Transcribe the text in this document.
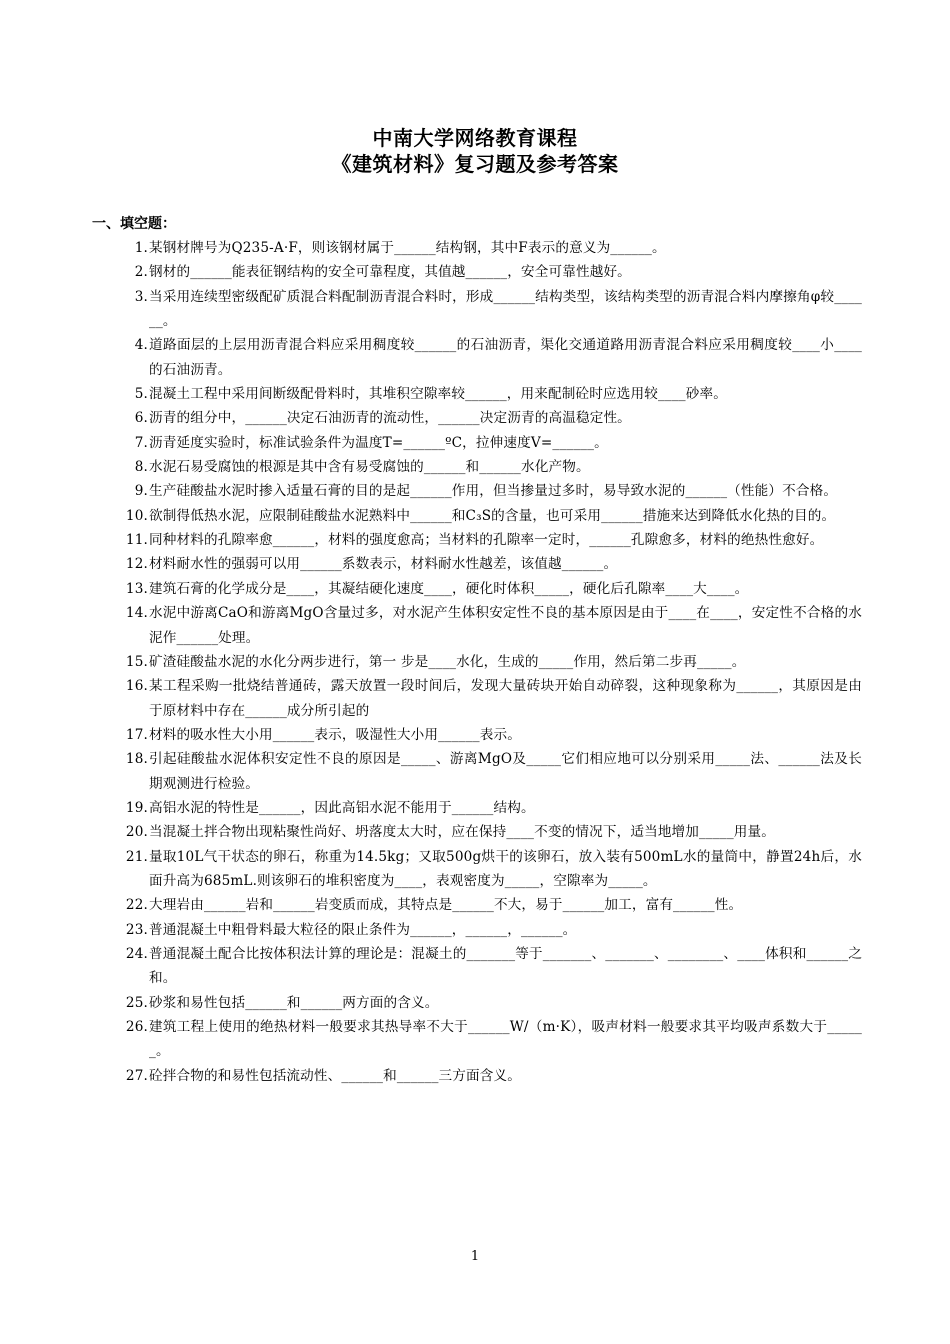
中南大学网络教育课程
《建筑材料》复习题及参考答案
一、填空题：
1. 某钢材牌号为Q235-A·F，则该钢材属于______结构钢，其中F表示的意义为______。
2. 钢材的______能表征钢结构的安全可靠程度，其值越______，安全可靠性越好。
3. 当采用连续型密级配矿质混合料配制沥青混合料时，形成______结构类型，该结构类型的沥青混合料内摩擦角φ较______。
4. 道路面层的上层用沥青混合料应采用稠度较______的石油沥青，渠化交通道路用沥青混合料应采用稠度较____小____的石油沥青。
5. 混凝土工程中采用间断级配骨料时，其堆积空隙率较______，用来配制砼时应选用较____砂率。
6. 沥青的组分中，______决定石油沥青的流动性，______决定沥青的高温稳定性。
7. 沥青延度实验时，标准试验条件为温度T=______ºC，拉伸速度V=______。
8. 水泥石易受腐蚀的根源是其中含有易受腐蚀的______和______水化产物。
9. 生产硅酸盐水泥时掺入适量石膏的目的是起______作用，但当掺量过多时，易导致水泥的______（性能）不合格。
10. 欲制得低热水泥，应限制硅酸盐水泥熟料中______和C₃S的含量，也可采用______措施来达到降低水化热的目的。
11. 同种材料的孔隙率愈______，材料的强度愈高；当材料的孔隙率一定时，______孔隙愈多，材料的绝热性愈好。
12. 材料耐水性的强弱可以用______系数表示，材料耐水性越差，该值越______。
13. 建筑石膏的化学成分是____，其凝结硬化速度____，硬化时体积_____，硬化后孔隙率____大____。
14. 水泥中游离CaO和游离MgO含量过多，对水泥产生体积安定性不良的基本原因是由于____在____，安定性不合格的水泥作______处理。
15. 矿渣硅酸盐水泥的水化分两步进行，第一 步是____水化，生成的_____作用，然后第二步再_____。
16. 某工程采购一批烧结普通砖，露天放置一段时间后，发现大量砖块开始自动碎裂，这种现象称为______，其原因是由于原材料中存在______成分所引起的
17. 材料的吸水性大小用______表示，吸湿性大小用______表示。
18. 引起硅酸盐水泥体积安定性不良的原因是_____、游离MgO及_____它们相应地可以分别采用_____法、______法及长期观测进行检验。
19. 高铝水泥的特性是______，因此高铝水泥不能用于______结构。
20. 当混凝土拌合物出现粘聚性尚好、坍落度太大时，应在保持____不变的情况下，适当地增加_____用量。
21. 量取10L气干状态的卵石，称重为14.5kg；又取500g烘干的该卵石，放入装有500mL水的量筒中，静置24h后，水面升高为685mL.则该卵石的堆积密度为____，表观密度为_____，空隙率为_____。
22. 大理岩由______岩和______岩变质而成，其特点是______不大，易于______加工，富有______性。
23. 普通混凝土中粗骨料最大粒径的限止条件为______，______，______。
24. 普通混凝土配合比按体积法计算的理论是：混凝土的_______等于_______、_______、________、____体积和______之和。
25. 砂浆和易性包括______和______两方面的含义。
26. 建筑工程上使用的绝热材料一般要求其热导率不大于______W/（m·K），吸声材料一般要求其平均吸声系数大于______。
27. 砼拌合物的和易性包括流动性、______和______三方面含义。
1
